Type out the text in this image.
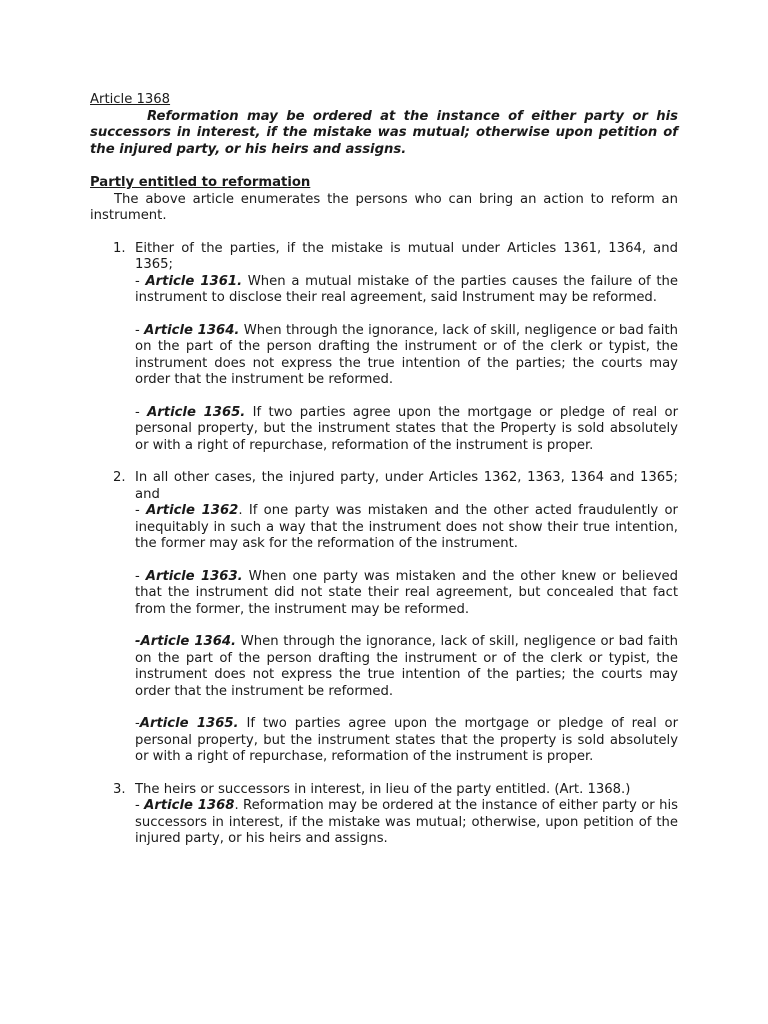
Article 1368
Reformation may be ordered at the instance of either party or his successors in interest, if the mistake was mutual; otherwise upon petition of the injured party, or his heirs and assigns.
Partly entitled to reformation
The above article enumerates the persons who can bring an action to reform an instrument.
1. Either of the parties, if the mistake is mutual under Articles 1361, 1364, and 1365;
- Article 1361. When a mutual mistake of the parties causes the failure of the instrument to disclose their real agreement, said Instrument may be reformed.
- Article 1364. When through the ignorance, lack of skill, negligence or bad faith on the part of the person drafting the instrument or of the clerk or typist, the instrument does not express the true intention of the parties; the courts may order that the instrument be reformed.
- Article 1365. If two parties agree upon the mortgage or pledge of real or personal property, but the instrument states that the Property is sold absolutely or with a right of repurchase, reformation of the instrument is proper.
2. In all other cases, the injured party, under Articles 1362, 1363, 1364 and 1365; and
- Article 1362. If one party was mistaken and the other acted fraudulently or inequitably in such a way that the instrument does not show their true intention, the former may ask for the reformation of the instrument.
- Article 1363. When one party was mistaken and the other knew or believed that the instrument did not state their real agreement, but concealed that fact from the former, the instrument may be reformed.
-Article 1364. When through the ignorance, lack of skill, negligence or bad faith on the part of the person drafting the instrument or of the clerk or typist, the instrument does not express the true intention of the parties; the courts may order that the instrument be reformed.
-Article 1365. If two parties agree upon the mortgage or pledge of real or personal property, but the instrument states that the property is sold absolutely or with a right of repurchase, reformation of the instrument is proper.
3. The heirs or successors in interest, in lieu of the party entitled. (Art. 1368.)
- Article 1368. Reformation may be ordered at the instance of either party or his successors in interest, if the mistake was mutual; otherwise, upon petition of the injured party, or his heirs and assigns.
